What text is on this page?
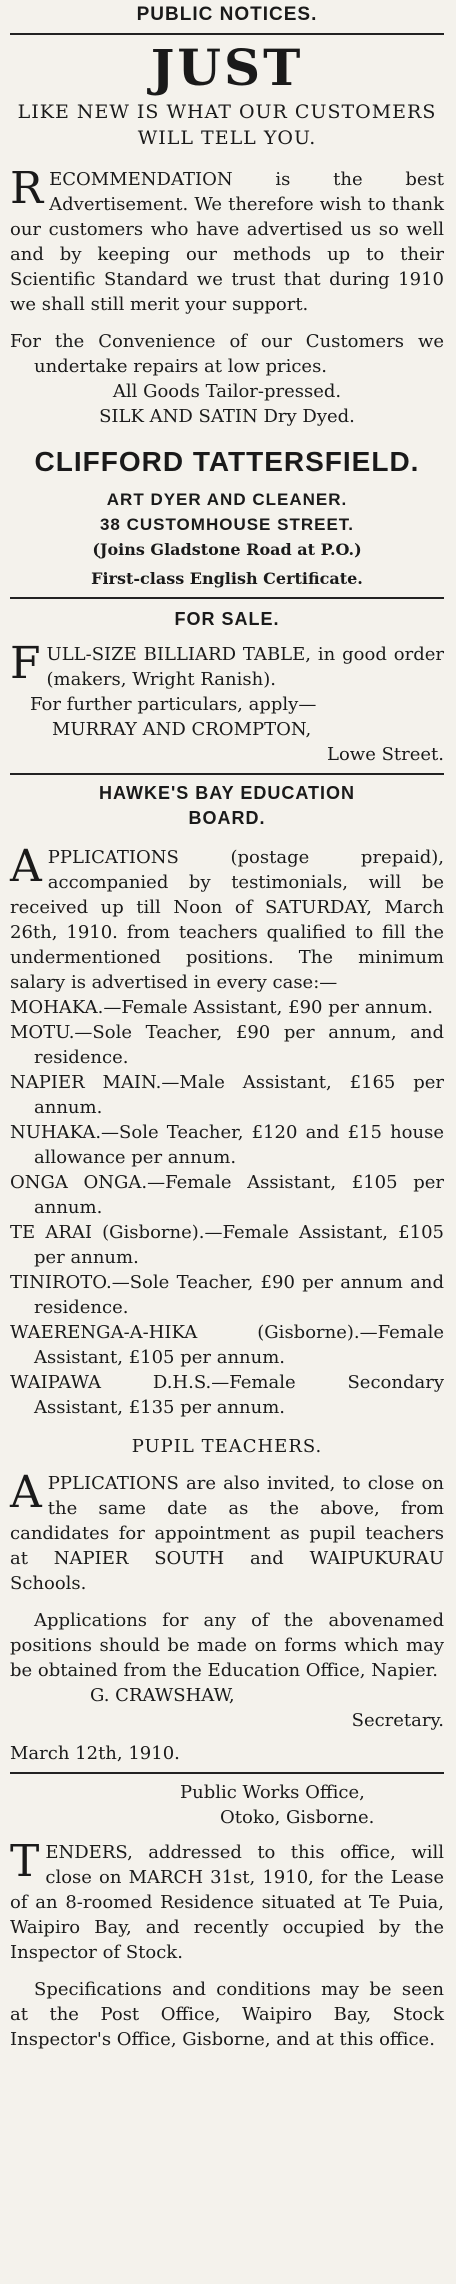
PUBLIC NOTICES.
JUST
LIKE NEW IS WHAT OUR CUSTOMERS WILL TELL YOU.
RECOMMENDATION is the best Advertisement. We therefore wish to thank our customers who have advertised us so well and by keeping our methods up to their Scientific Standard we trust that during 1910 we shall still merit your support.
For the Convenience of our Customers we undertake repairs at low prices.
All Goods Tailor-pressed.
SILK AND SATIN Dry Dyed.
CLIFFORD TATTERSFIELD.
ART DYER AND CLEANER.
38 CUSTOMHOUSE STREET.
(Joins Gladstone Road at P.O.)
First-class English Certificate.
FOR SALE.
FULL-SIZE BILLIARD TABLE, in good order (makers, Wright Ranish).
For further particulars, apply—
MURRAY AND CROMPTON,
Lowe Street.
HAWKE'S BAY EDUCATION
BOARD.
APPLICATIONS (postage prepaid), accompanied by testimonials, will be received up till Noon of SATURDAY, March 26th, 1910. from teachers qualified to fill the undermentioned positions. The minimum salary is advertised in every case:—
MOHAKA.—Female Assistant, £90 per annum.
MOTU.—Sole Teacher, £90 per annum, and residence.
NAPIER MAIN.—Male Assistant, £165 per annum.
NUHAKA.—Sole Teacher, £120 and £15 house allowance per annum.
ONGA ONGA.—Female Assistant, £105 per annum.
TE ARAI (Gisborne).—Female Assistant, £105 per annum.
TINIROTO.—Sole Teacher, £90 per annum and residence.
WAERENGA-A-HIKA (Gisborne).—Female Assistant, £105 per annum.
WAIPAWA D.H.S.—Female Secondary Assistant, £135 per annum.
PUPIL TEACHERS.
APPLICATIONS are also invited, to close on the same date as the above, from candidates for appointment as pupil teachers at NAPIER SOUTH and WAIPUKURAU Schools.
Applications for any of the abovenamed positions should be made on forms which may be obtained from the Education Office, Napier.
G. CRAWSHAW,
Secretary.
March 12th, 1910.
Public Works Office,
Otoko, Gisborne.
TENDERS, addressed to this office, will close on MARCH 31st, 1910, for the Lease of an 8-roomed Residence situated at Te Puia, Waipiro Bay, and recently occupied by the Inspector of Stock.
Specifications and conditions may be seen at the Post Office, Waipiro Bay, Stock Inspector's Office, Gisborne, and at this office.
